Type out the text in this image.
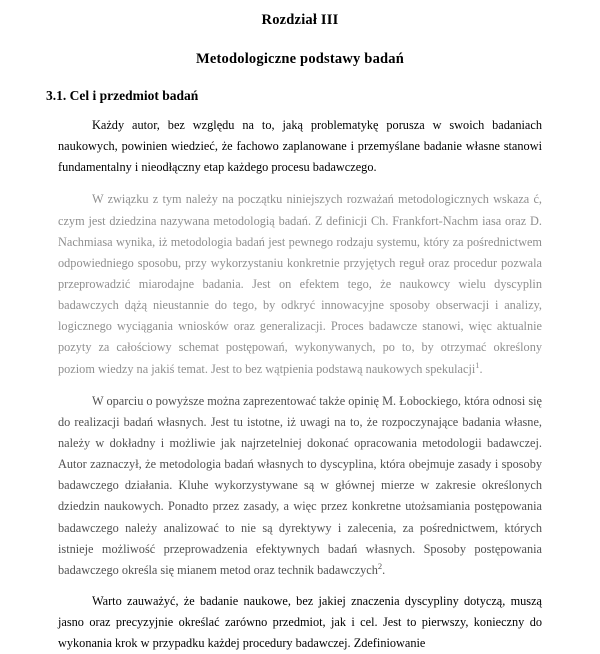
Rozdział III
Metodologiczne podstawy badań
3.1. Cel i przedmiot badań

Każdy autor, bez względu na to, jaką problematykę porusza w swoich badaniach naukowych, powinien wiedzieć, że fachowo zaplanowane i przemyślane badanie własne stanowi fundamentalny i nieodłączny etap każdego procesu badawczego.

W związku z tym należy na początku niniejszych rozważań metodologicznych wskaza ć, czym jest dziedzina nazywana metodologią badań. Z definicji Ch. Frankfort-Nachm iasa oraz D. Nachmiasa wynika, iż metodologia badań jest pewnego rodzaju systemu, który za pośrednictwem odpowiedniego sposobu, przy wykorzystaniu konkretnie przyjętych reguł oraz procedur pozwala przeprowadzić miarodajne badania. Jest on efektem tego, że naukowcy wielu dyscyplin badawczych dążą nieustannie do tego, by odkryć innowacyjne sposoby obserwacji i analizy, logicznego wyciągania wniosków oraz generalizacji. Proces badawcze stanowi, więc aktualnie pozyty za całościowy schemat postępowań, wykonywanych, po to, by otrzymać określony poziom wiedzy na jakiś temat. Jest to bez wątpienia podstawą naukowych spekulacji$^1$.

W oparciu o powyższe można zaprezentować także opinię M. Łobockiego, która odnosi się do realizacji badań własnych. Jest tu istotne, iż uwagi na to, że rozpoczynające badania własne, należy w dokładny i możliwie jak najrzetelniej dokonać opracowania metodologii badawczej. Autor zaznaczył, że metodologia badań własnych to dyscyplina, która obejmuje zasady i sposoby badawczego działania. Kluhe wykorzystywane są w głównej mierze w zakresie określonych dziedzin naukowych. Ponadto przez zasady, a więc przez konkretne utożsamiania postępowania badawczego należy analizować to nie są dyrektywy i zalecenia, za pośrednictwem, których istnieje możliwość przeprowadzenia efektywnych badań własnych. Sposoby postępowania badawczego określa się mianem metod oraz technik badawczych$^2$.

Warto zauważyć, że badanie naukowe, bez jakiej znaczenia dyscypliny dotyczą, muszą jasno oraz precyzyjnie określać zarówno przedmiot, jak i cel. Jest to pierwszy, konieczny do wykonania krok w przypadku każdej procedury badawczej. Zdefiniowanie
